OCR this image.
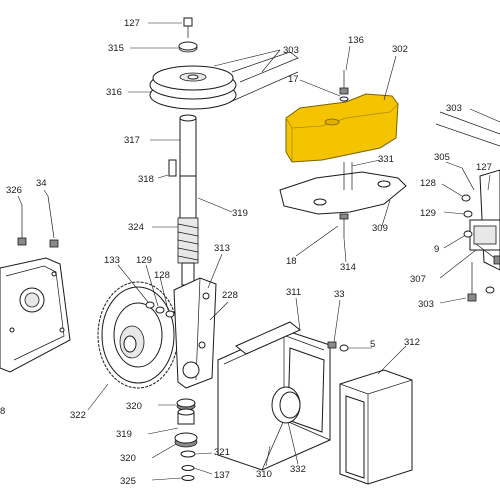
127
315	303
316
317
318
319
324
133 129
313
128
228
326
34
322
320
319
320
321
325
137
136
302
17
331
309
18
314
311	33
5	312
310 332
303
305
127
128
129
9
307
303
8
